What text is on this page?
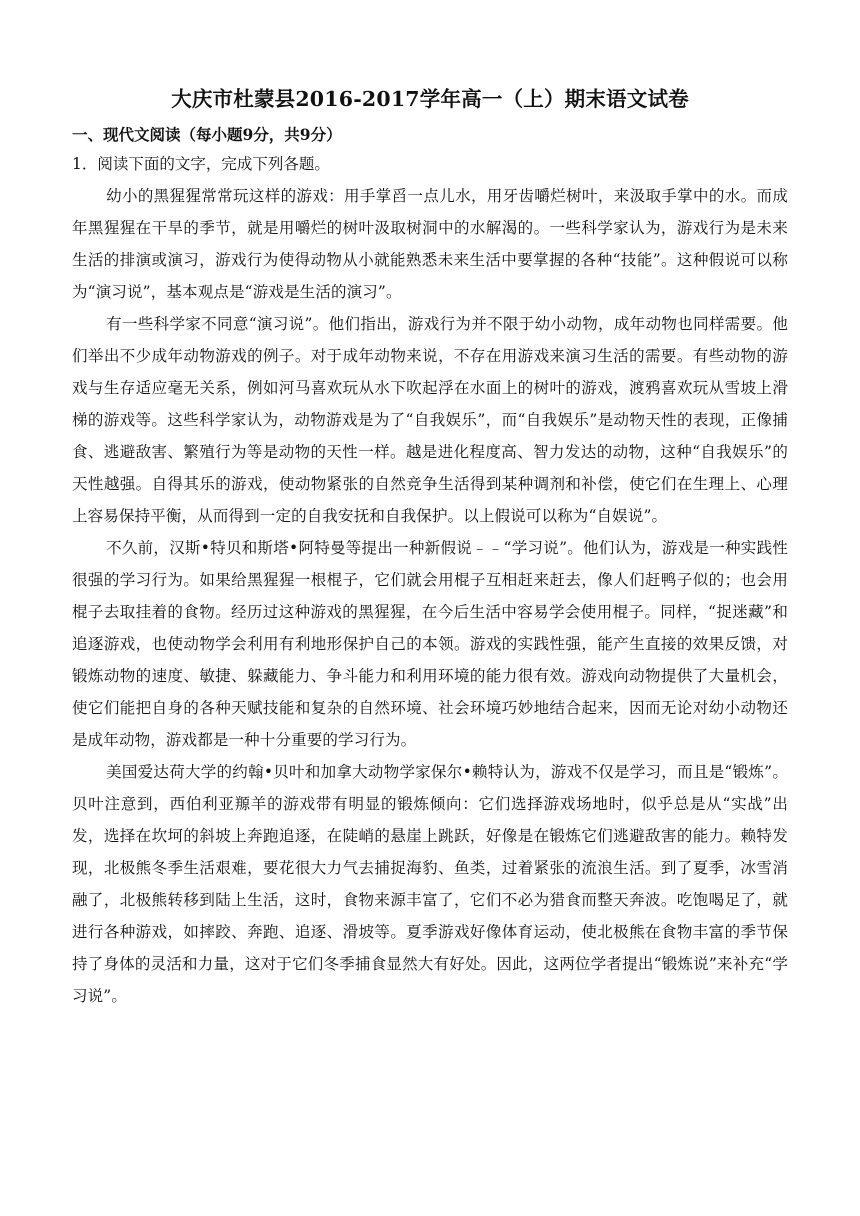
大庆市杜蒙县2016-2017学年高一（上）期末语文试卷

一、现代文阅读（每小题9分，共9分）

1．阅读下面的文字，完成下列各题。

幼小的黑猩猩常常玩这样的游戏：用手掌舀一点儿水，用牙齿嚼烂树叶，来汲取手掌中的水。而成年黑猩猩在干旱的季节，就是用嚼烂的树叶汲取树洞中的水解渴的。一些科学家认为，游戏行为是未来生活的排演或演习，游戏行为使得动物从小就能熟悉未来生活中要掌握的各种“技能”。这种假说可以称为“演习说”，基本观点是“游戏是生活的演习”。

有一些科学家不同意“演习说”。他们指出，游戏行为并不限于幼小动物，成年动物也同样需要。他们举出不少成年动物游戏的例子。对于成年动物来说，不存在用游戏来演习生活的需要。有些动物的游戏与生存适应毫无关系，例如河马喜欢玩从水下吹起浮在水面上的树叶的游戏，渡鸦喜欢玩从雪坡上滑梯的游戏等。这些科学家认为，动物游戏是为了“自我娱乐”，而“自我娱乐”是动物天性的表现，正像捕食、逃避敌害、繁殖行为等是动物的天性一样。越是进化程度高、智力发达的动物，这种“自我娱乐”的天性越强。自得其乐的游戏，使动物紧张的自然竞争生活得到某种调剂和补偿，使它们在生理上、心理上容易保持平衡，从而得到一定的自我安抚和自我保护。以上假说可以称为“自娱说”。

不久前，汉斯•特贝和斯塔•阿特曼等提出一种新假说﹣﹣“学习说”。他们认为，游戏是一种实践性很强的学习行为。如果给黑猩猩一根棍子，它们就会用棍子互相赶来赶去，像人们赶鸭子似的；也会用棍子去取挂着的食物。经历过这种游戏的黑猩猩，在今后生活中容易学会使用棍子。同样，“捉迷藏”和追逐游戏，也使动物学会利用有利地形保护自己的本领。游戏的实践性强，能产生直接的效果反馈，对锻炼动物的速度、敏捷、躲藏能力、争斗能力和利用环境的能力很有效。游戏向动物提供了大量机会，使它们能把自身的各种天赋技能和复杂的自然环境、社会环境巧妙地结合起来，因而无论对幼小动物还是成年动物，游戏都是一种十分重要的学习行为。

美国爱达荷大学的约翰•贝叶和加拿大动物学家保尔•赖特认为，游戏不仅是学习，而且是“锻炼”。贝叶注意到，西伯利亚羱羊的游戏带有明显的锻炼倾向：它们选择游戏场地时，似乎总是从“实战”出发，选择在坎坷的斜坡上奔跑追逐，在陡峭的悬崖上跳跃，好像是在锻炼它们逃避敌害的能力。赖特发现，北极熊冬季生活艰难，要花很大力气去捕捉海豹、鱼类，过着紧张的流浪生活。到了夏季，冰雪消融了，北极熊转移到陆上生活，这时，食物来源丰富了，它们不必为猎食而整天奔波。吃饱喝足了，就进行各种游戏，如摔跤、奔跑、追逐、滑坡等。夏季游戏好像体育运动，使北极熊在食物丰富的季节保持了身体的灵活和力量，这对于它们冬季捕食显然大有好处。因此，这两位学者提出“锻炼说”来补充“学习说”。
